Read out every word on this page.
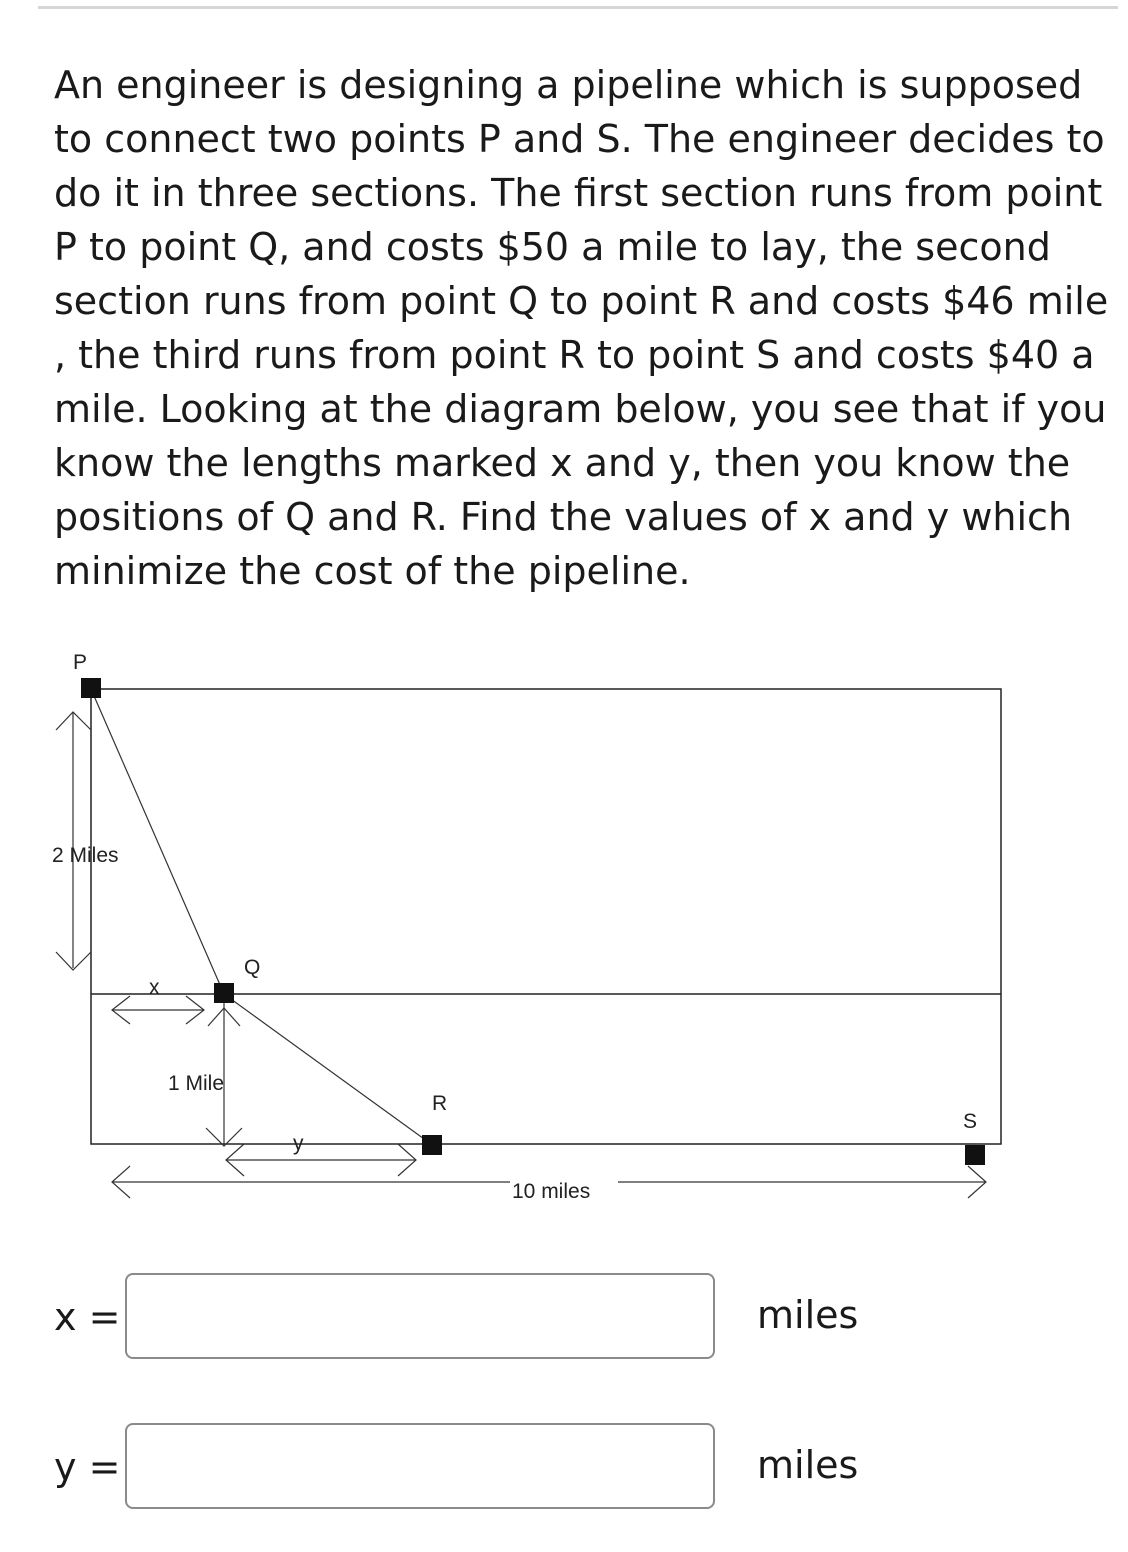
An engineer is designing a pipeline which is supposed to connect two points P and S. The engineer decides to do it in three sections. The first section runs from point P to point Q, and costs $50 a mile to lay, the second section runs from point Q to point R and costs $46 mile , the third runs from point R to point S and costs $40 a mile. Looking at the diagram below, you see that if you know the lengths marked x and y, then you know the positions of Q and R. Find the values of x and y which minimize the cost of the pipeline.

P
Q
R
S
2 Miles
x
1 Mile
y
10 miles
x =	miles
y =	miles
